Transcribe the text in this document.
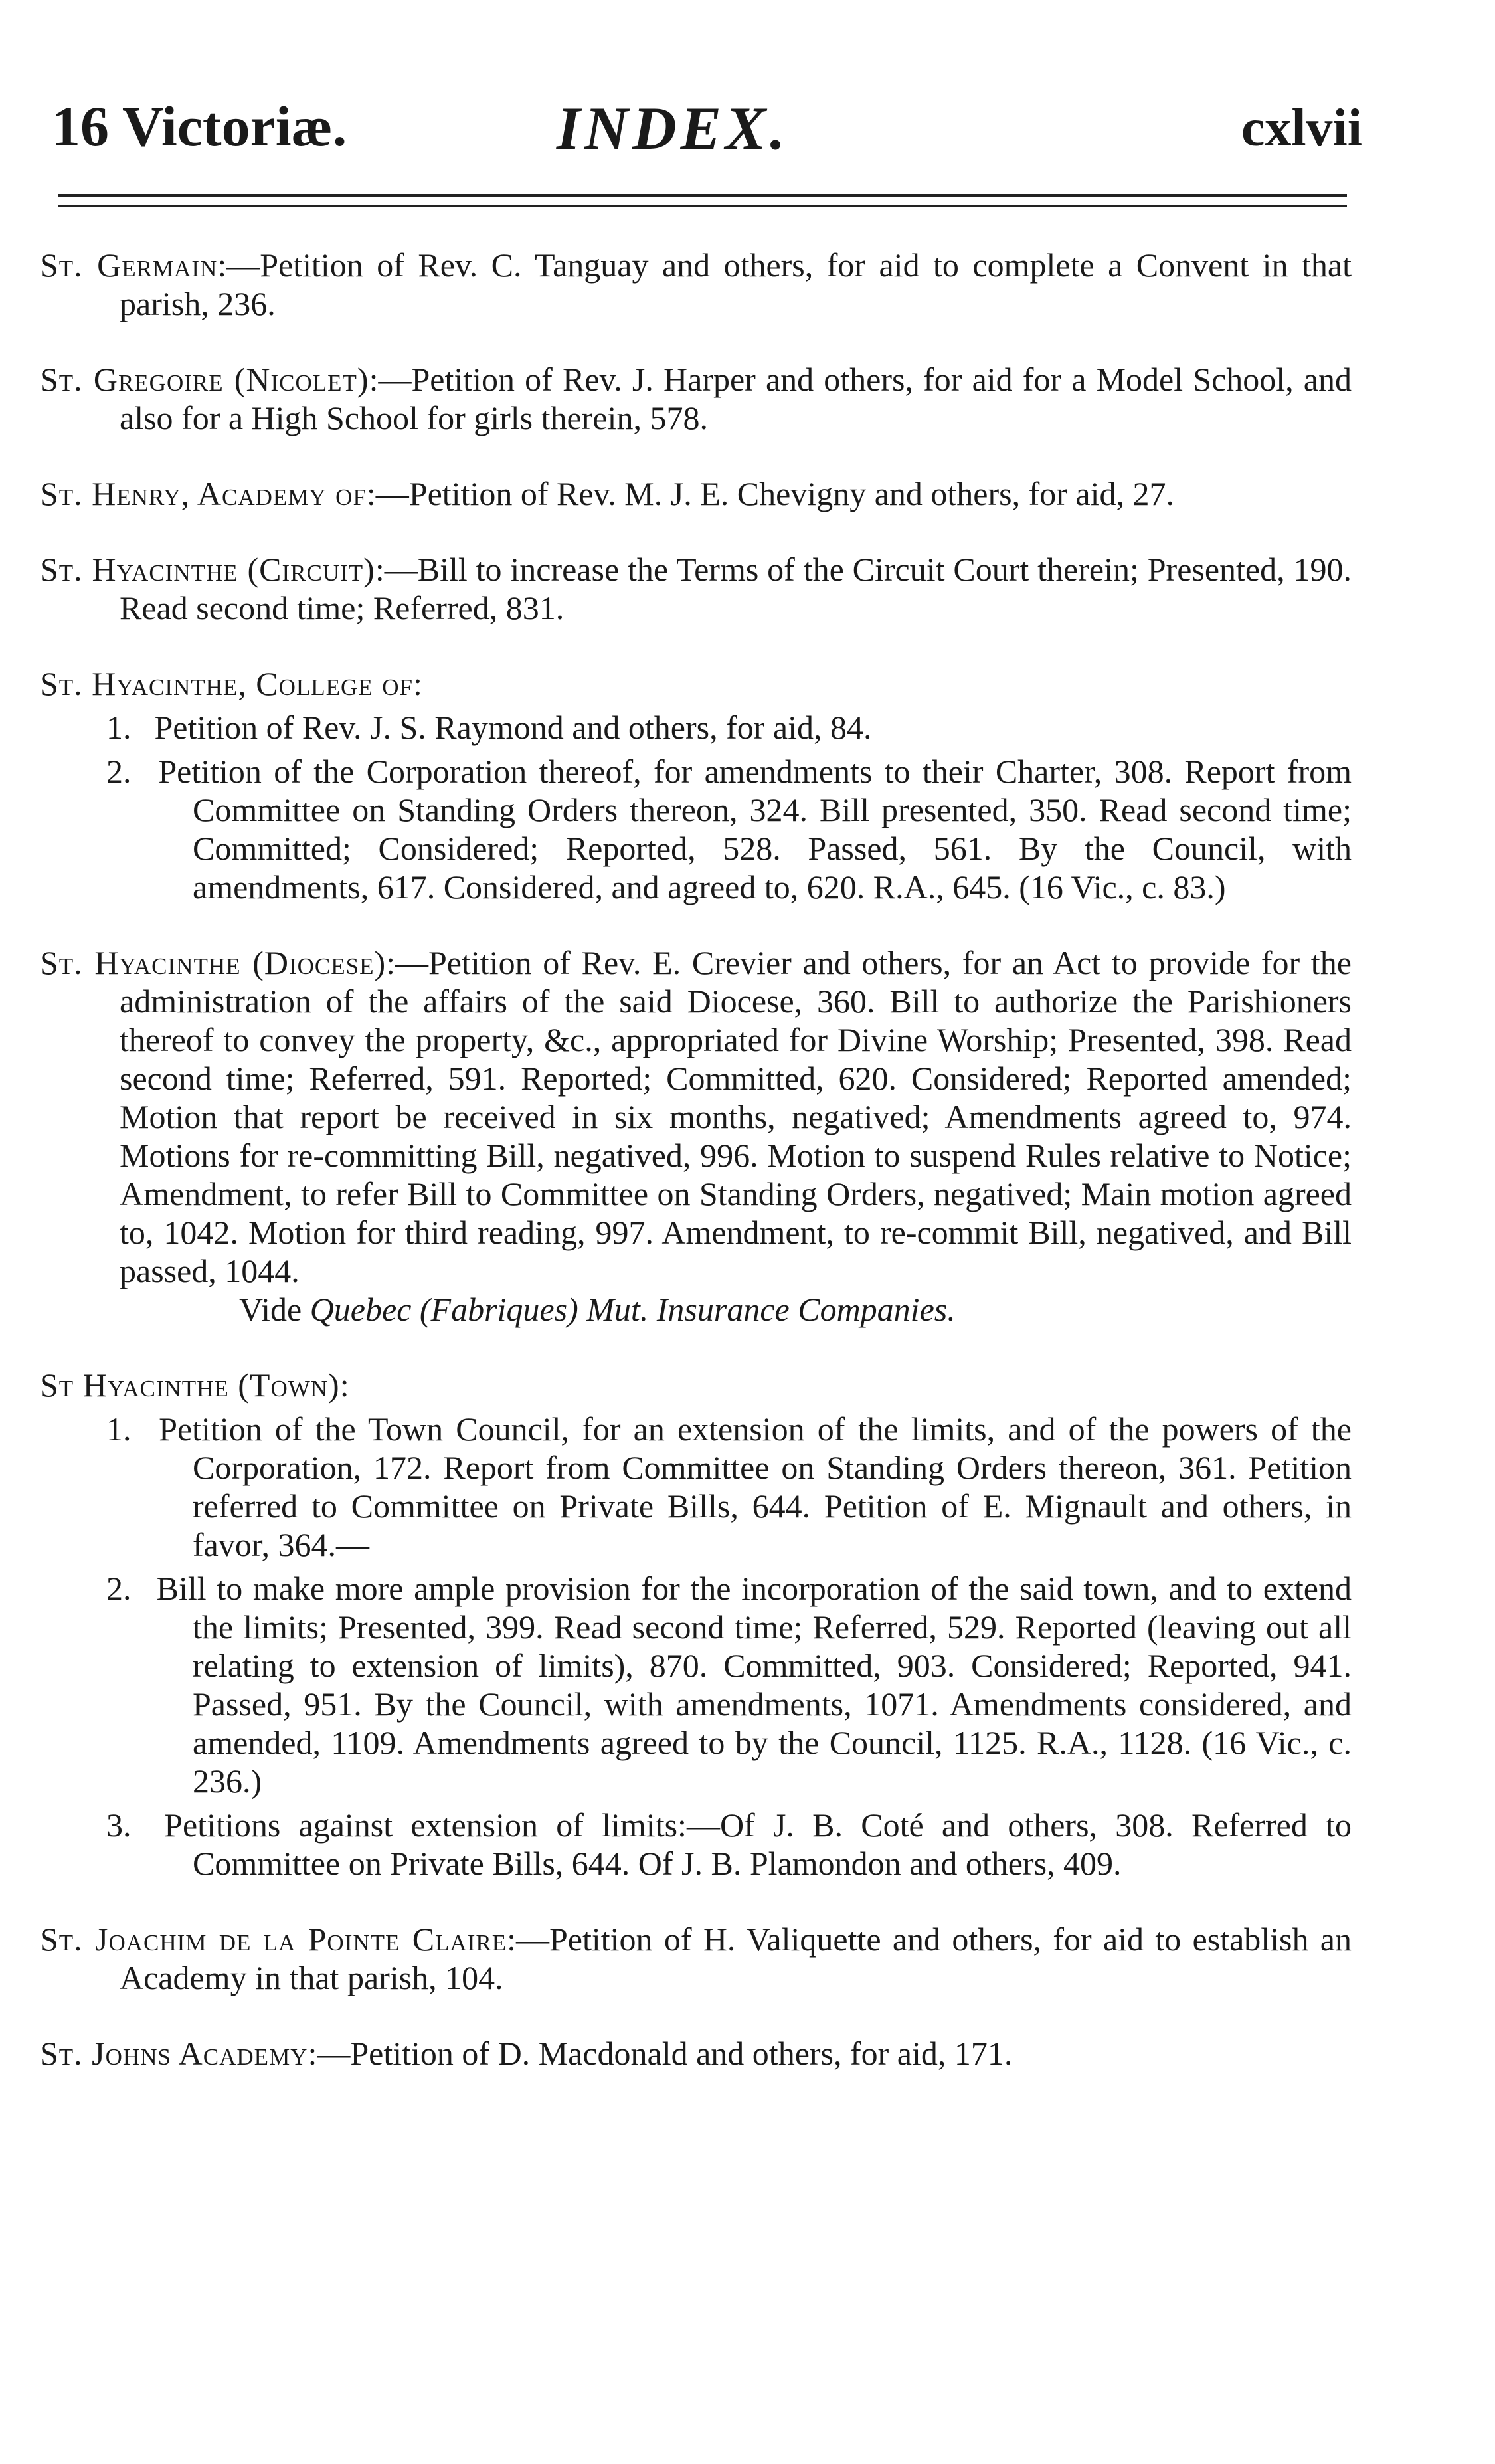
16 Victoriæ.	INDEX.	cxlvii

St. Germain:—Petition of Rev. C. Tanguay and others, for aid to complete a Convent in that parish, 236.

St. Gregoire (Nicolet):—Petition of Rev. J. Harper and others, for aid for a Model School, and also for a High School for girls therein, 578.

St. Henry, Academy of:—Petition of Rev. M. J. E. Chevigny and others, for aid, 27.

St. Hyacinthe (Circuit):—Bill to increase the Terms of the Circuit Court therein; Presented, 190. Read second time; Referred, 831.

St. Hyacinthe, College of:

1. Petition of Rev. J. S. Raymond and others, for aid, 84.
2. Petition of the Corporation thereof, for amendments to their Charter, 308. Report from Committee on Standing Orders thereon, 324. Bill presented, 350. Read second time; Committed; Considered; Reported, 528. Passed, 561. By the Council, with amendments, 617. Considered, and agreed to, 620. R.A., 645. (16 Vic., c. 83.)

St. Hyacinthe (Diocese):—Petition of Rev. E. Crevier and others, for an Act to provide for the administration of the affairs of the said Diocese, 360. Bill to authorize the Parishioners thereof to convey the property, &c., appropriated for Divine Worship; Presented, 398. Read second time; Referred, 591. Reported; Committed, 620. Considered; Reported amended; Motion that report be received in six months, negatived; Amendments agreed to, 974. Motions for re-committing Bill, negatived, 996. Motion to suspend Rules relative to Notice; Amendment, to refer Bill to Committee on Standing Orders, negatived; Main motion agreed to, 1042. Motion for third reading, 997. Amendment, to re-commit Bill, negatived, and Bill passed, 1044.

Vide Quebec (Fabriques) Mut. Insurance Companies.

St Hyacinthe (Town):

1. Petition of the Town Council, for an extension of the limits, and of the powers of the Corporation, 172. Report from Committee on Standing Orders thereon, 361. Petition referred to Committee on Private Bills, 644. Petition of E. Mignault and others, in favor, 364.—
2. Bill to make more ample provision for the incorporation of the said town, and to extend the limits; Presented, 399. Read second time; Referred, 529. Reported (leaving out all relating to extension of limits), 870. Committed, 903. Considered; Reported, 941. Passed, 951. By the Council, with amendments, 1071. Amendments considered, and amended, 1109. Amendments agreed to by the Council, 1125. R.A., 1128. (16 Vic., c. 236.)
3. Petitions against extension of limits:—Of J. B. Coté and others, 308. Referred to Committee on Private Bills, 644. Of J. B. Plamondon and others, 409.

St. Joachim de la Pointe Claire:—Petition of H. Valiquette and others, for aid to establish an Academy in that parish, 104.

St. Johns Academy:—Petition of D. Macdonald and others, for aid, 171.
